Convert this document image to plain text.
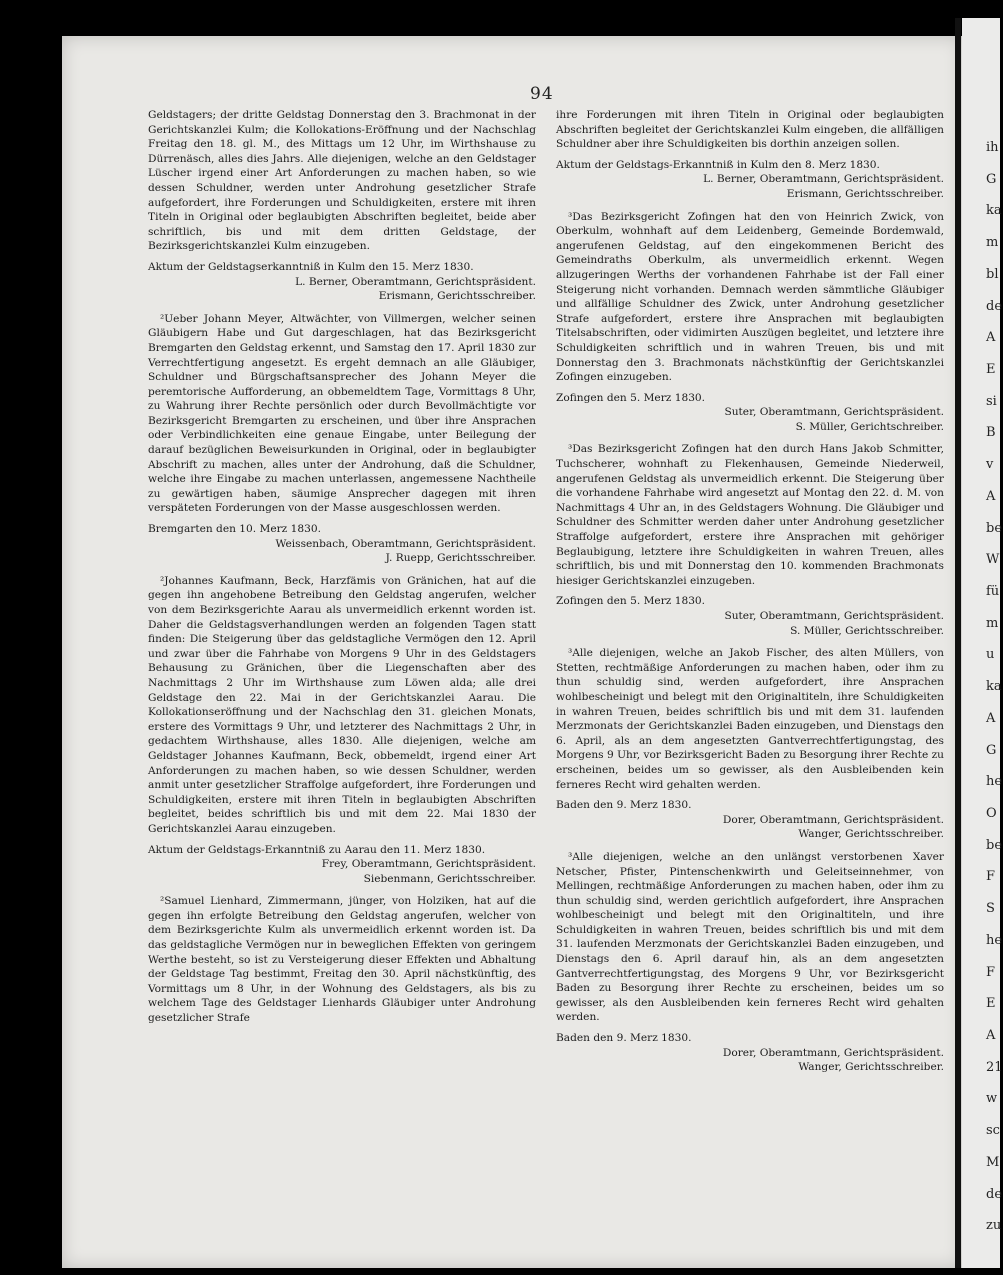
94

Geldstagers; der dritte Geldstag Donnerstag den 3. Brachmonat in der Gerichtskanzlei Kulm; die Kollokations-Eröffnung und der Nachschlag Freitag den 18. gl. M., des Mittags um 12 Uhr, im Wirthshause zu Dürrenäsch, alles dies Jahrs. Alle diejenigen, welche an den Geldstager Lüscher irgend einer Art Anforderungen zu machen haben, so wie dessen Schuldner, werden unter Androhung gesetzlicher Strafe aufgefordert, ihre Forderungen und Schuldigkeiten, erstere mit ihren Titeln in Original oder beglaubigten Abschriften begleitet, beide aber schriftlich, bis und mit dem dritten Geldstage, der Bezirksgerichtskanzlei Kulm einzugeben.

Aktum der Geldstagserkanntniß in Kulm den 15. Merz 1830.
L. Berner, Oberamtmann, Gerichtspräsident.
Erismann, Gerichtsschreiber.

²Ueber Johann Meyer, Altwächter, von Villmergen, welcher seinen Gläubigern Habe und Gut dargeschlagen, hat das Bezirksgericht Bremgarten den Geldstag erkennt, und Samstag den 17. April 1830 zur Verrechtfertigung angesetzt. Es ergeht demnach an alle Gläubiger, Schuldner und Bürgschaftsansprecher des Johann Meyer die peremtorische Aufforderung, an obbemeldtem Tage, Vormittags 8 Uhr, zu Wahrung ihrer Rechte persönlich oder durch Bevollmächtigte vor Bezirksgericht Bremgarten zu erscheinen, und über ihre Ansprachen oder Verbindlichkeiten eine genaue Eingabe, unter Beilegung der darauf bezüglichen Beweisurkunden in Original, oder in beglaubigter Abschrift zu machen, alles unter der Androhung, daß die Schuldner, welche ihre Eingabe zu machen unterlassen, angemessene Nachtheile zu gewärtigen haben, säumige Ansprecher dagegen mit ihren verspäteten Forderungen von der Masse ausgeschlossen werden.

Bremgarten den 10. Merz 1830.
Weissenbach, Oberamtmann, Gerichtspräsident.
J. Ruepp, Gerichtsschreiber.

²Johannes Kaufmann, Beck, Harzfämis von Gränichen, hat auf die gegen ihn angehobene Betreibung den Geldstag angerufen, welcher von dem Bezirksgerichte Aarau als unvermeidlich erkennt worden ist. Daher die Geldstagsverhandlungen werden an folgenden Tagen statt finden: Die Steigerung über das geldstagliche Vermögen den 12. April und zwar über die Fahrhabe von Morgens 9 Uhr in des Geldstagers Behausung zu Gränichen, über die Liegenschaften aber des Nachmittags 2 Uhr im Wirthshause zum Löwen alda; alle drei Geldstage den 22. Mai in der Gerichtskanzlei Aarau. Die Kollokationseröffnung und der Nachschlag den 31. gleichen Monats, erstere des Vormittags 9 Uhr, und letzterer des Nachmittags 2 Uhr, in gedachtem Wirthshause, alles 1830. Alle diejenigen, welche am Geldstager Johannes Kaufmann, Beck, obbemeldt, irgend einer Art Anforderungen zu machen haben, so wie dessen Schuldner, werden anmit unter gesetzlicher Straffolge aufgefordert, ihre Forderungen und Schuldigkeiten, erstere mit ihren Titeln in beglaubigten Abschriften begleitet, beides schriftlich bis und mit dem 22. Mai 1830 der Gerichtskanzlei Aarau einzugeben.

Aktum der Geldstags-Erkanntniß zu Aarau den 11. Merz 1830.
Frey, Oberamtmann, Gerichtspräsident.
Siebenmann, Gerichtsschreiber.

²Samuel Lienhard, Zimmermann, jünger, von Holziken, hat auf die gegen ihn erfolgte Betreibung den Geldstag angerufen, welcher von dem Bezirksgerichte Kulm als unvermeidlich erkennt worden ist. Da das geldstagliche Vermögen nur in beweglichen Effekten von geringem Werthe besteht, so ist zu Versteigerung dieser Effekten und Abhaltung der Geldstage Tag bestimmt, Freitag den 30. April nächstkünftig, des Vormittags um 8 Uhr, in der Wohnung des Geldstagers, als bis zu welchem Tage des Geldstager Lienhards Gläubiger unter Androhung gesetzlicher Strafe

ihre Forderungen mit ihren Titeln in Original oder beglaubigten Abschriften begleitet der Gerichtskanzlei Kulm eingeben, die allfälligen Schuldner aber ihre Schuldigkeiten bis dorthin anzeigen sollen.

Aktum der Geldstags-Erkanntniß in Kulm den 8. Merz 1830.
L. Berner, Oberamtmann, Gerichtspräsident.
Erismann, Gerichtsschreiber.

³Das Bezirksgericht Zofingen hat den von Heinrich Zwick, von Oberkulm, wohnhaft auf dem Leidenberg, Gemeinde Bordemwald, angerufenen Geldstag, auf den eingekommenen Bericht des Gemeindraths Oberkulm, als unvermeidlich erkennt. Wegen allzugeringen Werths der vorhandenen Fahrhabe ist der Fall einer Steigerung nicht vorhanden. Demnach werden sämmtliche Gläubiger und allfällige Schuldner des Zwick, unter Androhung gesetzlicher Strafe aufgefordert, erstere ihre Ansprachen mit beglaubigten Titelsabschriften, oder vidimirten Auszügen begleitet, und letztere ihre Schuldigkeiten schriftlich und in wahren Treuen, bis und mit Donnerstag den 3. Brachmonats nächstkünftig der Gerichtskanzlei Zofingen einzugeben.

Zofingen den 5. Merz 1830.
Suter, Oberamtmann, Gerichtspräsident.
S. Müller, Gerichtschreiber.

³Das Bezirksgericht Zofingen hat den durch Hans Jakob Schmitter, Tuchscherer, wohnhaft zu Flekenhausen, Gemeinde Niederweil, angerufenen Geldstag als unvermeidlich erkennt. Die Steigerung über die vorhandene Fahrhabe wird angesetzt auf Montag den 22. d. M. von Nachmittags 4 Uhr an, in des Geldstagers Wohnung. Die Gläubiger und Schuldner des Schmitter werden daher unter Androhung gesetzlicher Straffolge aufgefordert, erstere ihre Ansprachen mit gehöriger Beglaubigung, letztere ihre Schuldigkeiten in wahren Treuen, alles schriftlich, bis und mit Donnerstag den 10. kommenden Brachmonats hiesiger Gerichtskanzlei einzugeben.

Zofingen den 5. Merz 1830.
Suter, Oberamtmann, Gerichtspräsident.
S. Müller, Gerichtsschreiber.

³Alle diejenigen, welche an Jakob Fischer, des alten Müllers, von Stetten, rechtmäßige Anforderungen zu machen haben, oder ihm zu thun schuldig sind, werden aufgefordert, ihre Ansprachen wohlbescheinigt und belegt mit den Originaltiteln, ihre Schuldigkeiten in wahren Treuen, beides schriftlich bis und mit dem 31. laufenden Merzmonats der Gerichtskanzlei Baden einzugeben, und Dienstags den 6. April, als an dem angesetzten Gantverrechtfertigungstag, des Morgens 9 Uhr, vor Bezirksgericht Baden zu Besorgung ihrer Rechte zu erscheinen, beides um so gewisser, als den Ausbleibenden kein ferneres Recht wird gehalten werden.

Baden den 9. Merz 1830.
Dorer, Oberamtmann, Gerichtspräsident.
Wanger, Gerichtsschreiber.

³Alle diejenigen, welche an den unlängst verstorbenen Xaver Netscher, Pfister, Pintenschenkwirth und Geleitseinnehmer, von Mellingen, rechtmäßige Anforderungen zu machen haben, oder ihm zu thun schuldig sind, werden gerichtlich aufgefordert, ihre Ansprachen wohlbescheinigt und belegt mit den Originaltiteln, und ihre Schuldigkeiten in wahren Treuen, beides schriftlich bis und mit dem 31. laufenden Merzmonats der Gerichtskanzlei Baden einzugeben, und Dienstags den 6. April darauf hin, als an dem angesetzten Gantverrechtfertigungstag, des Morgens 9 Uhr, vor Bezirksgericht Baden zu Besorgung ihrer Rechte zu erscheinen, beides um so gewisser, als den Ausbleibenden kein ferneres Recht wird gehalten werden.

Baden den 9. Merz 1830.
Dorer, Oberamtmann, Gerichtspräsident.
Wanger, Gerichtsschreiber.
ih
G
ka
m
bl
de
A
E
si
B
v
A
be
W
fü
m
u
ka
A
G
he
O
be
F
S
he
F
E
A
21
w
sc
M
de
zu
